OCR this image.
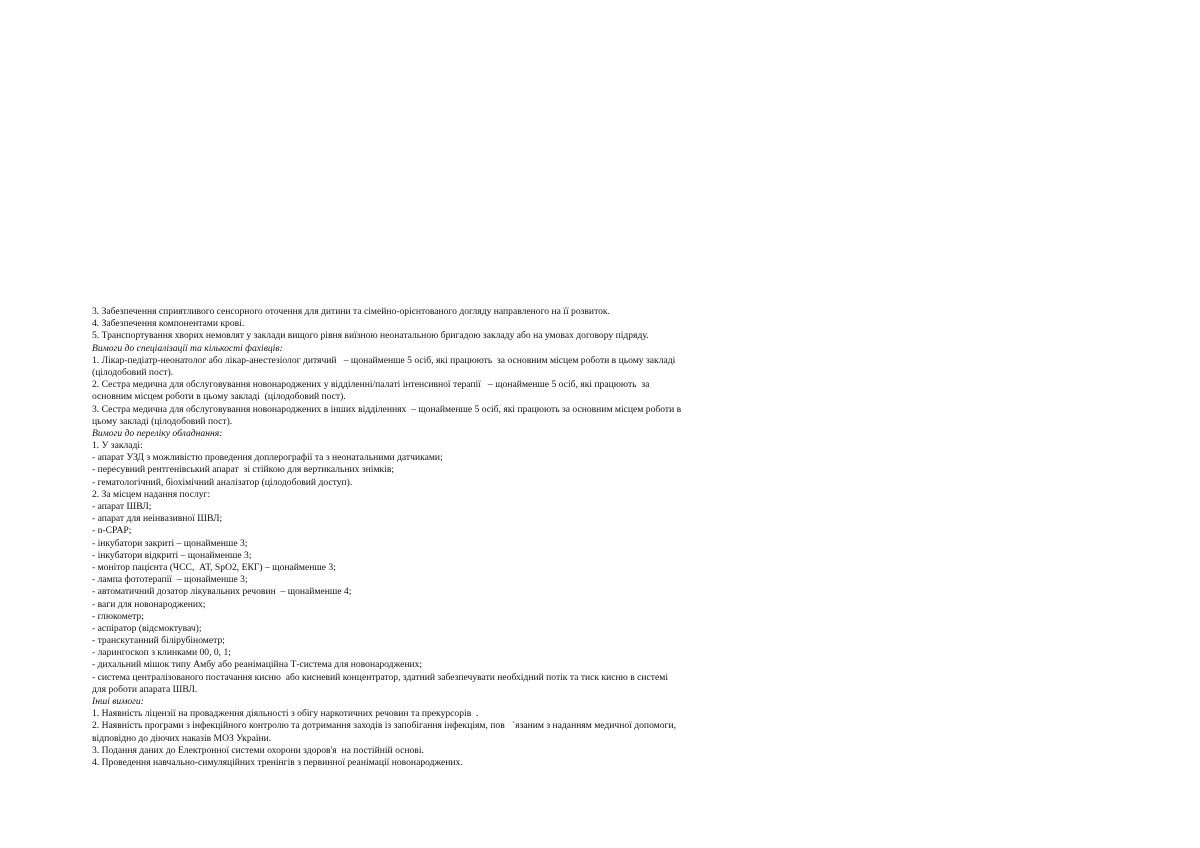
3. Забезпечення сприятливого сенсорного оточення для дитини та сімейно-орієнтованого догляду направленого на її розвиток.
4. Забезпечення компонентами крові.
5. Транспортування хворих немовлят у заклади вищого рівня виїзною неонатальною бригадою закладу або на умовах договору підряду.
Вимоги до спеціалізації та кількості фахівців:
1. Лікар-педіатр-неонатолог або лікар-анестезіолог дитячий   – щонайменше 5 осіб, які працюють  за основним місцем роботи в цьому закладі
(цілодобовий пост).
2. Сестра медична для обслуговування новонароджених у відділенні/палаті інтенсивної терапії   – щонайменше 5 осіб, які працюють  за
основним місцем роботи в цьому закладі  (цілодобовий пост).
3. Сестра медична для обслуговування новонароджених в інших відділеннях  – щонайменше 5 осіб, які працюють за основним місцем роботи в
цьому закладі (цілодобовий пост).
Вимоги до переліку обладнання:
1. У закладі:
- апарат УЗД з можливістю проведення доплерографії та з неонатальними датчиками;
- пересувний рентгенівський апарат  зі стійкою для вертикальних знімків;
- гематологічний, біохімічний аналізатор (цілодобовий доступ).
2. За місцем надання послуг:
- апарат ШВЛ;
- апарат для неінвазивної ШВЛ;
- n-CPAP;
- інкубатори закриті – щонайменше 3;
- інкубатори відкриті – щонайменше 3;
- монітор пацієнта (ЧСС,  АТ, SpO2, ЕКГ) – щонайменше 3;
- лампа фототерапії  – щонайменше 3;
- автоматичний дозатор лікувальних речовин  – щонайменше 4;
- ваги для новонароджених;
- глюкометр;
- аспіратор (відсмоктувач);
- транскутанний білірубінометр;
- ларингоскоп з клинками 00, 0, 1;
- дихальний мішок типу Амбу або реанімаційна Т-система для новонароджених;
- система централізованого постачання кисню  або кисневий концентратор, здатний забезпечувати необхідний потік та тиск кисню в системі
для роботи апарата ШВЛ.
Інші вимоги:
1. Наявність ліцензії на провадження діяльності з обігу наркотичних речовин та прекурсорів  .
2. Наявність програми з інфекційного контролю та дотримання заходів із запобігання інфекціям, пов   `язаним з наданням медичної допомоги,
відповідно до діючих наказів МОЗ України.
3. Подання даних до Електронної системи охорони здоров'я  на постійній основі.
4. Проведення навчально-симуляційних тренінгів з первинної реанімації новонароджених.
